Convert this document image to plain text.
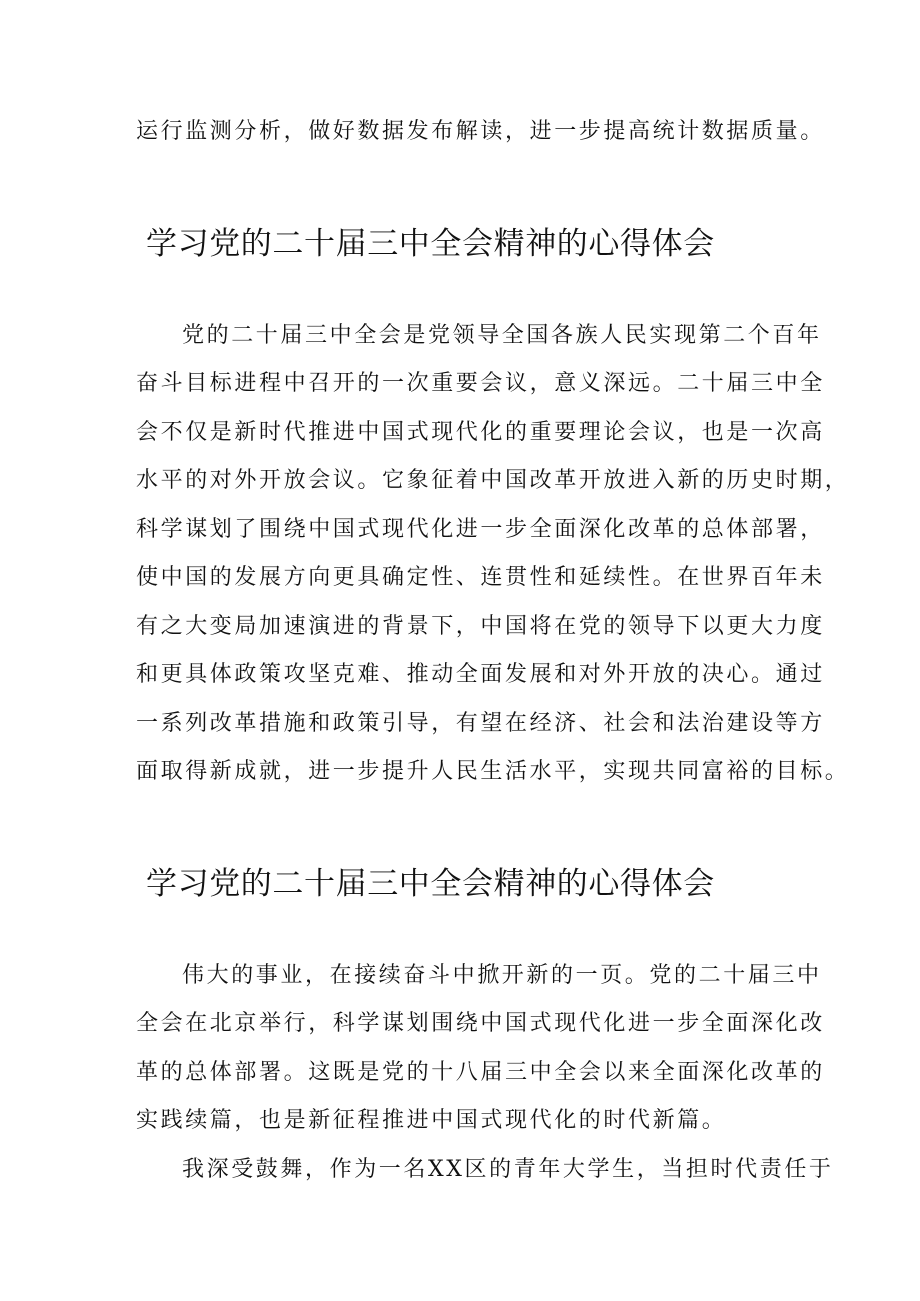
运行监测分析，做好数据发布解读，进一步提高统计数据质量。
学习党的二十届三中全会精神的心得体会
党的二十届三中全会是党领导全国各族人民实现第二个百年
奋斗目标进程中召开的一次重要会议，意义深远。二十届三中全
会不仅是新时代推进中国式现代化的重要理论会议，也是一次高
水平的对外开放会议。它象征着中国改革开放进入新的历史时期，
科学谋划了围绕中国式现代化进一步全面深化改革的总体部署，
使中国的发展方向更具确定性、连贯性和延续性。在世界百年未
有之大变局加速演进的背景下，中国将在党的领导下以更大力度
和更具体政策攻坚克难、推动全面发展和对外开放的决心。通过
一系列改革措施和政策引导，有望在经济、社会和法治建设等方
面取得新成就，进一步提升人民生活水平，实现共同富裕的目标。
学习党的二十届三中全会精神的心得体会
伟大的事业，在接续奋斗中掀开新的一页。党的二十届三中
全会在北京举行，科学谋划围绕中国式现代化进一步全面深化改
革的总体部署。这既是党的十八届三中全会以来全面深化改革的
实践续篇，也是新征程推进中国式现代化的时代新篇。
我深受鼓舞，作为一名XX区的青年大学生，当担时代责任于
